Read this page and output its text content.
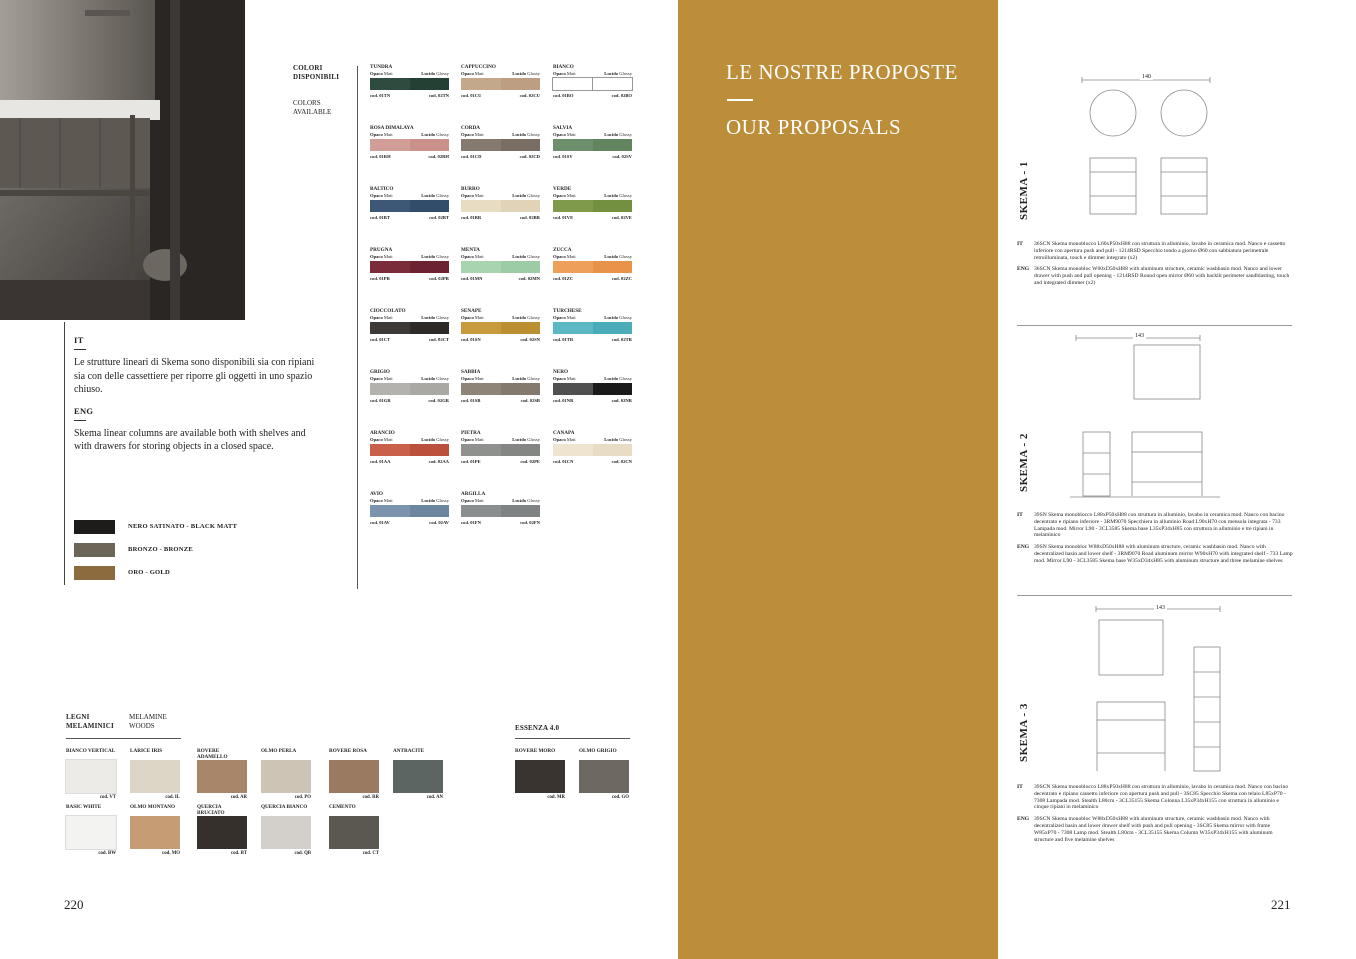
IT
Le strutture lineari di Skema sono disponibili sia con ripiani sia con delle cassettiere per riporre gli oggetti in uno spazio chiuso.
ENG
Skema linear columns are available both with shelves and with drawers for storing objects in a closed space.
NERO SATINATO - BLACK MATT
BRONZO - BRONZE
ORO - GOLD
COLORI DISPONIBILI
COLORS AVAILABLE
TUNDRA
Opaco Matt	Lucido Glossy
cod. 01TN	cod. 02TN
CAPPUCCINO
Opaco Matt	Lucido Glossy
cod. 01CU	cod. 02CU
BIANCO
Opaco Matt	Lucido Glossy
cod. 01BO	cod. 02BO
ROSA DIMALAYA
Opaco Matt	Lucido Glossy
cod. 01RH	cod. 02RH
CORDA
Opaco Matt	Lucido Glossy
cod. 01CD	cod. 02CD
SALVIA
Opaco Matt	Lucido Glossy
cod. 01SV	cod. 02SV
BALTICO
Opaco Matt	Lucido Glossy
cod. 01BT	cod. 02BT
BURRO
Opaco Matt	Lucido Glossy
cod. 01BR	cod. 02BR
VERDE
Opaco Matt	Lucido Glossy
cod. 01VE	cod. 02VE
PRUGNA
Opaco Matt	Lucido Glossy
cod. 01PR	cod. 02PR
MENTA
Opaco Matt	Lucido Glossy
cod. 01MN	cod. 02MN
ZUCCA
Opaco Matt	Lucido Glossy
cod. 01ZC	cod. 02ZC
CIOCCOLATO
Opaco Matt	Lucido Glossy
cod. 01CT	cod. 02CT
SENAPE
Opaco Matt	Lucido Glossy
cod. 01SN	cod. 02SN
TURCHESE
Opaco Matt	Lucido Glossy
cod. 01TR	cod. 02TR
GRIGIO
Opaco Matt	Lucido Glossy
cod. 01GR	cod. 02GR
SABBIA
Opaco Matt	Lucido Glossy
cod. 01SB	cod. 02SB
NERO
Opaco Matt	Lucido Glossy
cod. 01NR	cod. 02NR
ARANCIO
Opaco Matt	Lucido Glossy
cod. 01AA	cod. 02AA
PIETRA
Opaco Matt	Lucido Glossy
cod. 01PE	cod. 02PE
CANAPA
Opaco Matt	Lucido Glossy
cod. 01CN	cod. 02CN
AVIO
Opaco Matt	Lucido Glossy
cod. 01AV	cod. 02AV
ARGILLA
Opaco Matt	Lucido Glossy
cod. 01FN	cod. 02FN
LEGNI MELAMINICI
MELAMINE WOODS
BIANCO VERTICAL
cod. VT
LARICE IRIS
cod. IL
ROVERE ADAMELLO
cod. AR
OLMO PERLA
cod. PO
ROVERE ROSA
cod. RR
ANTRACITE
cod. AN
BASIC WHITE
cod. BW
OLMO MONTANO
cod. MO
QUERCIA BRUCIATO
cod. BT
QUERCIA BIANCO
cod. QB
CEMENTO
cod. CT
ESSENZA 4.0
ROVERE MORO
cod. MR
OLMO GRIGIO
cod. GO
220
LE NOSTRE PROPOSTE
OUR PROPOSALS
SKEMA - 1
140
IT	36SCN Skema monoblocco L60xP50xH88 con struttura in alluminio, lavabo in ceramica mod. Nanco e cassetto inferiore con apertura push and pull - 1214RSD Specchio tondo a giorno Ø60 con sabbiatura perimetrale retroilluminata, touch e dimmer integrato (x2)
ENG 36SCN Skema monobloc W60xD50xH88 with aluminum structure, ceramic washbasin mod. Nanco and lower drawer with push and pull opening - 1214RSD Round open mirror Ø60 with backlit perimeter sandblasting, touch and integrated dimmer (x2)
SKEMA - 2
143
IT	39SN Skema monoblocco L88xP50xH88 con struttura in alluminio, lavabo in ceramica mod. Nanco con bacino decentrato e ripiano inferiore - 3RM9070 Specchiera in alluminio Road L90xH70 con mensola integrata - 733 Lampada mod. Mirror L90 - 3CL3585 Skema base L35xP34xH85 con struttura in alluminio e tre ripiani in melaminico
ENG 39SN Skema monobloc W88xD50xH88 with aluminum structure, ceramic washbasin mod. Nanco with decentralized basin and lower shelf - 3RM9070 Road aluminum mirror W90xH70 with integrated shelf - 733 Lamp mod. Mirror L90 - 3CL3585 Skema base W35xD34xH85 with aluminum structure and three melamine shelves
SKEMA - 3
143
IT	39SCN Skema monoblocco L88xP50xH88 con struttura in alluminio, lavabo in ceramica mod. Nanco con bacino decentrato e ripiano cassetto inferiore con apertura push and pull - 3SC85 Specchio Skema con telaio L85xP70 - 7308 Lampada mod. Stealth L80cm - 3CL35155 Skema Colonna L35xP34xH155 con struttura in alluminio e cinque ripiani in melaminico
ENG 39SCN Skema monobloc W88xD50xH88 with aluminum structure, ceramic washbasin mod. Nanco with decentralized basin and lower drawer shelf with push and pull opening - 3SC85 Skema mirror with frame W85xP70 - 7308 Lamp mod. Stealth L80cm - 3CL35155 Skema Column W35xP34xH155 with aluminum structure and five melamine shelves
221
